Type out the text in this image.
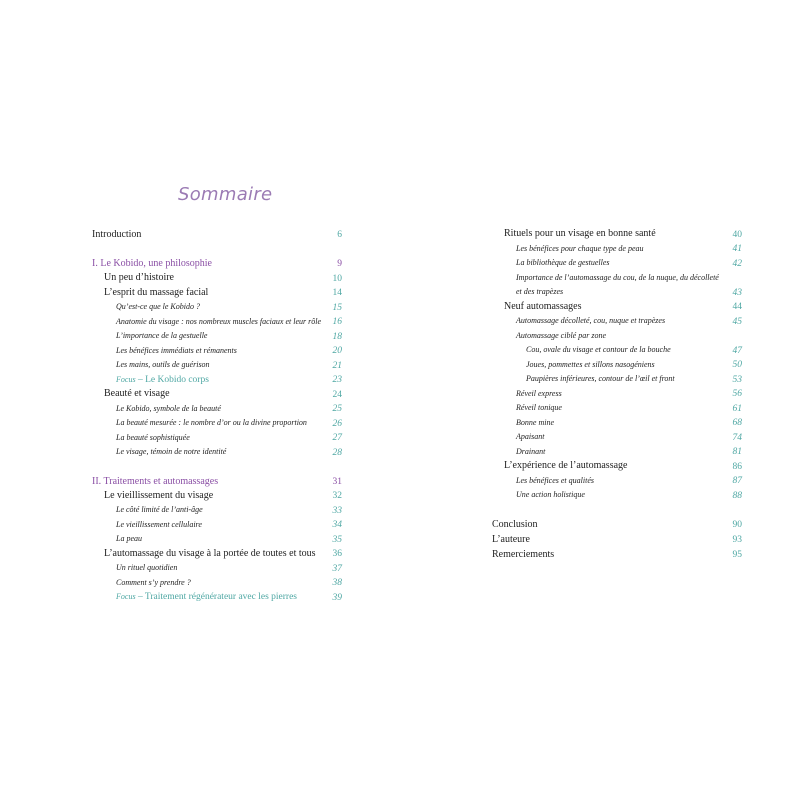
Sommaire
Introduction	6
I. Le Kobido, une philosophie	9
Un peu d’histoire	10
L’esprit du massage facial	14
Qu’est-ce que le Kobido ?	15
Anatomie du visage : nos nombreux muscles faciaux et leur rôle	16
L’importance de la gestuelle	18
Les bénéfices immédiats et rémanents	20
Les mains, outils de guérison	21
Focus – Le Kobido corps	23
Beauté et visage	24
Le Kobido, symbole de la beauté	25
La beauté mesurée : le nombre d’or ou la divine proportion	26
La beauté sophistiquée	27
Le visage, témoin de notre identité	28
II. Traitements et automassages	31
Le vieillissement du visage	32
Le côté limité de l’anti-âge	33
Le vieillissement cellulaire	34
La peau	35
L’automassage du visage à la portée de toutes et tous	36
Un rituel quotidien	37
Comment s’y prendre ?	38
Focus – Traitement régénérateur avec les pierres	39
Rituels pour un visage en bonne santé	40
Les bénéfices pour chaque type de peau	41
La bibliothèque de gestuelles	42
Importance de l’automassage du cou, de la nuque, du décolleté et des trapèzes	43
Neuf automassages	44
Automassage décolleté, cou, nuque et trapèzes	45
Automassage ciblé par zone
Cou, ovale du visage et contour de la bouche	47
Joues, pommettes et sillons nasogéniens	50
Paupières inférieures, contour de l’œil et front	53
Réveil express	56
Réveil tonique	61
Bonne mine	68
Apaisant	74
Drainant	81
L’expérience de l’automassage	86
Les bénéfices et qualités	87
Une action holistique	88
Conclusion	90
L’auteure	93
Remerciements	95
